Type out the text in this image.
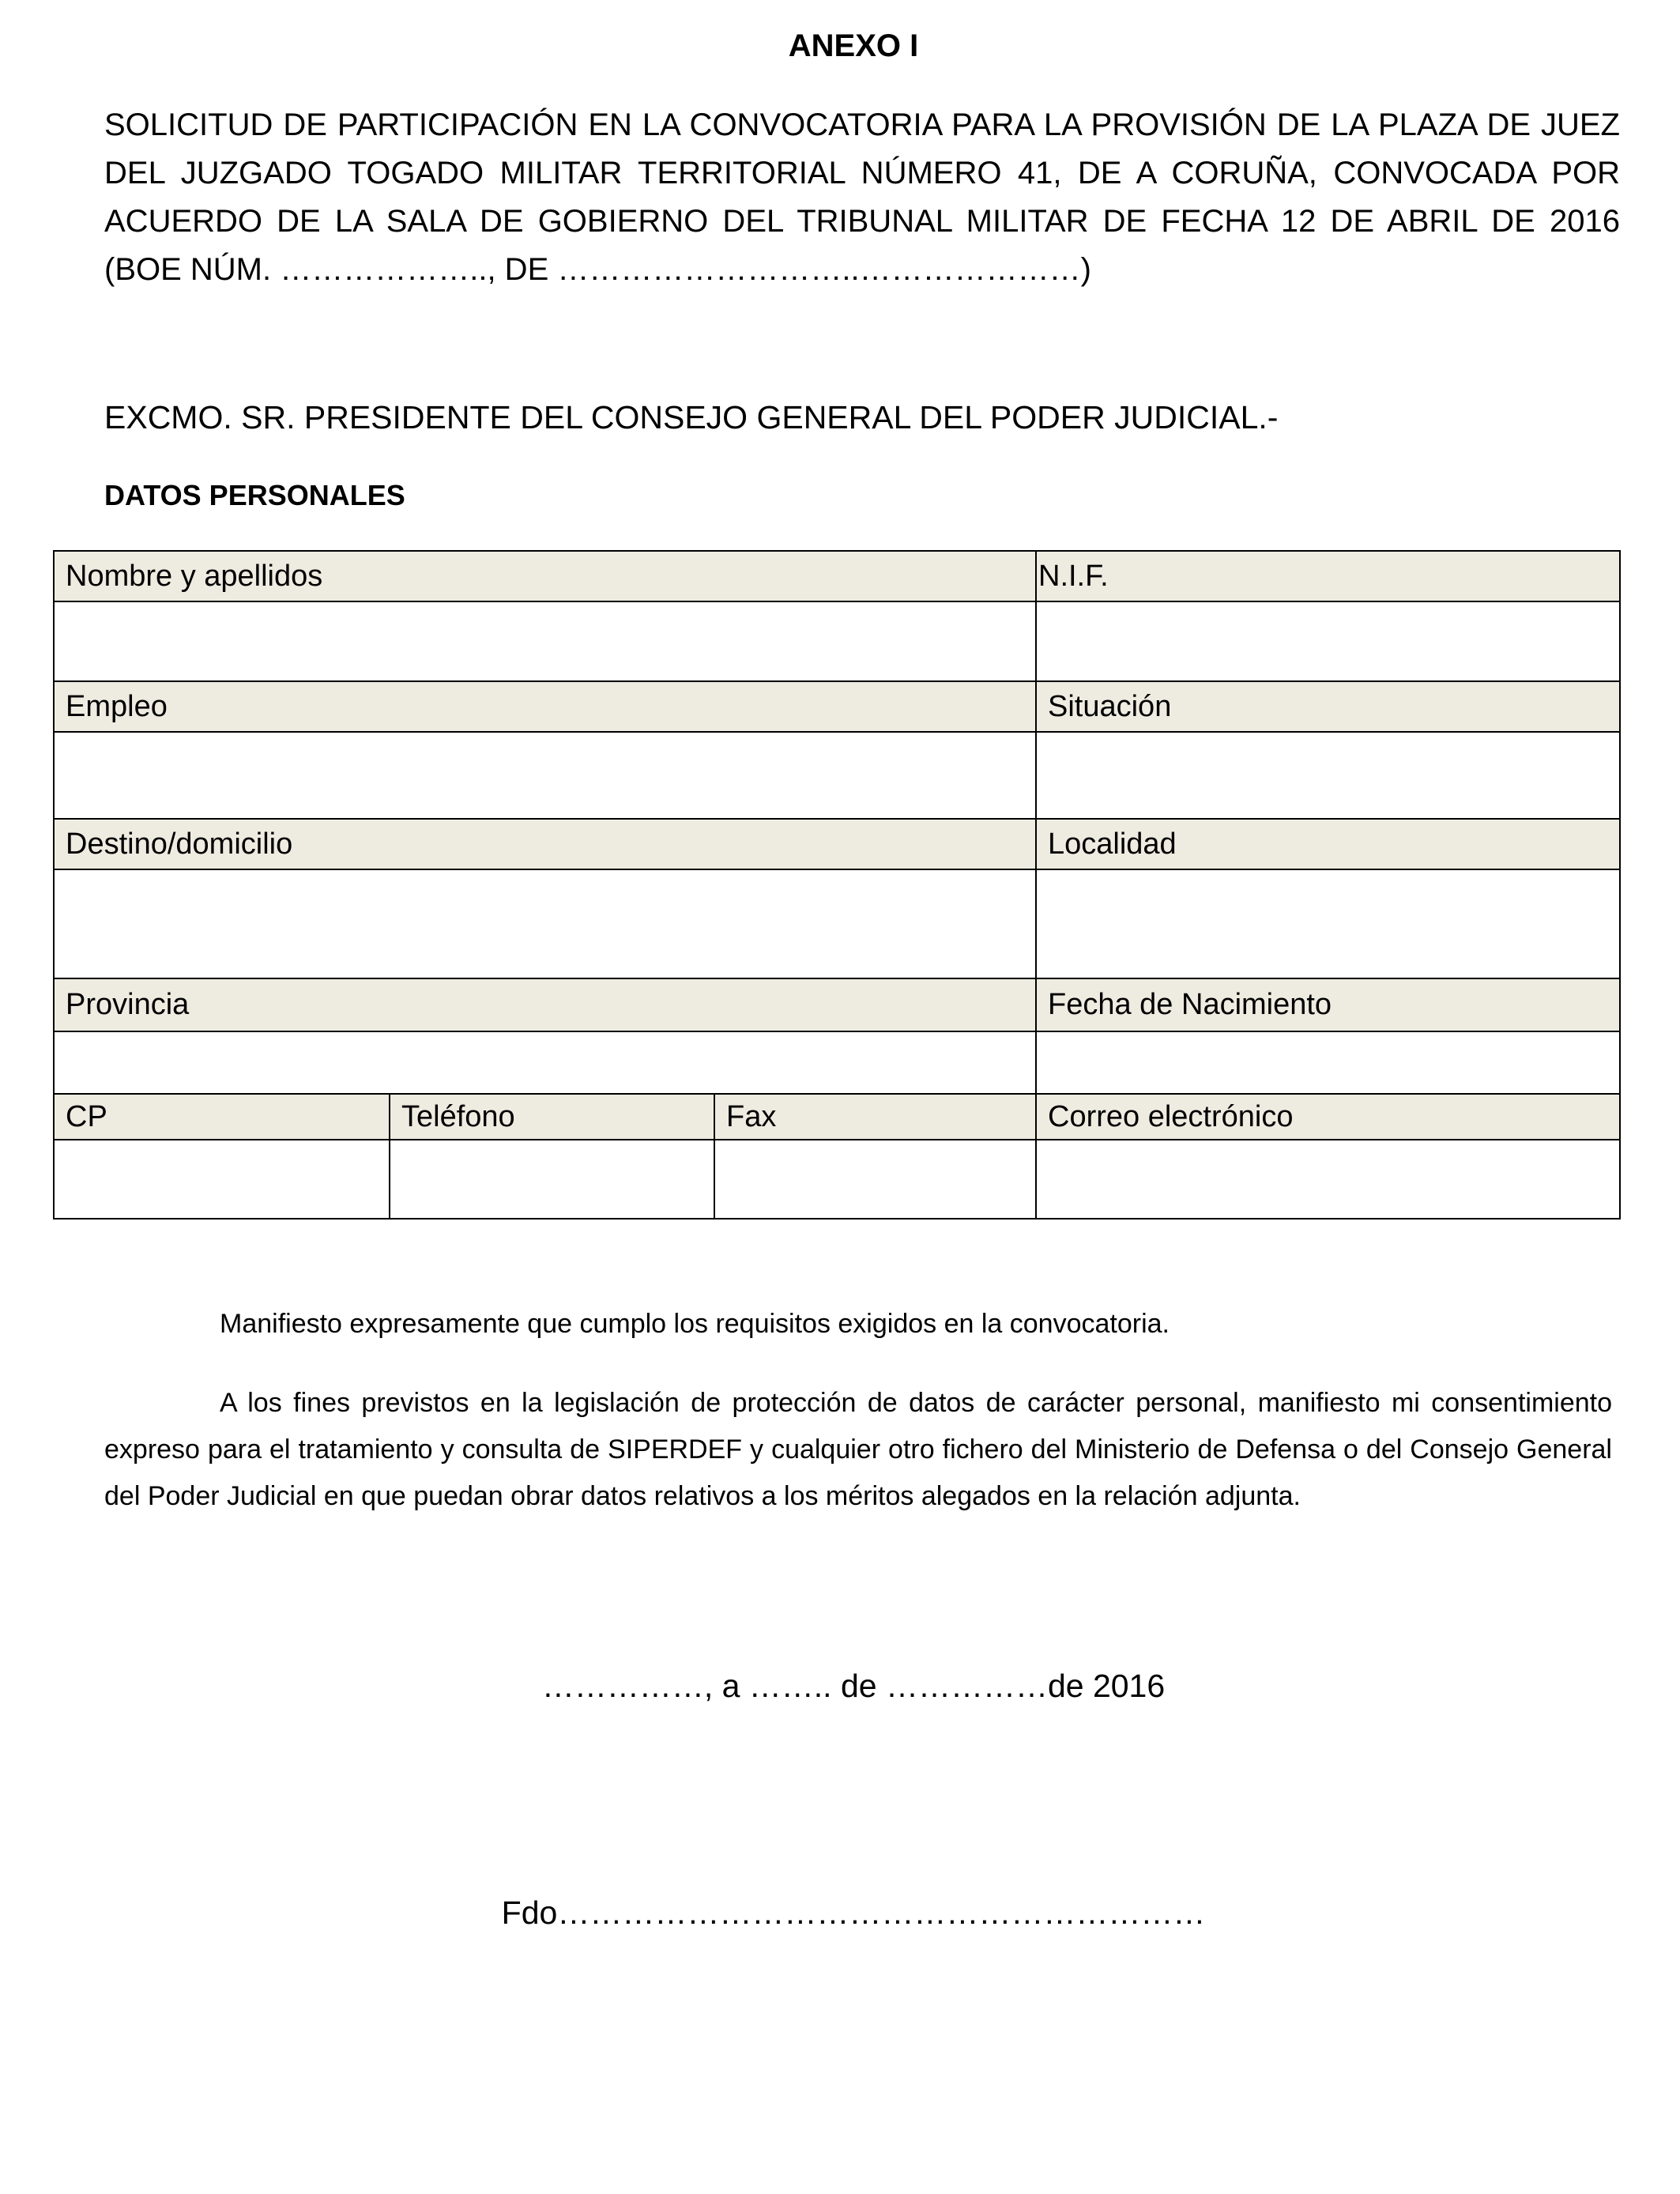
ANEXO I
SOLICITUD DE PARTICIPACIÓN EN LA CONVOCATORIA PARA LA PROVISIÓN DE LA PLAZA DE JUEZ DEL JUZGADO TOGADO MILITAR TERRITORIAL NÚMERO 41, DE A CORUÑA, CONVOCADA POR ACUERDO DE LA SALA DE GOBIERNO DEL TRIBUNAL MILITAR DE FECHA 12 DE ABRIL DE 2016 (BOE NÚM. ……………….., DE ………………………..…………………)
EXCMO. SR. PRESIDENTE DEL CONSEJO GENERAL DEL PODER JUDICIAL.-
DATOS PERSONALES
Nombre y apellidos			N.I.F.

Empleo			Situación

Destino/domicilio			Localidad

Provincia			Fecha de Nacimiento

CP	Teléfono	Fax	Correo electrónico

Manifiesto expresamente que cumplo los requisitos exigidos en la convocatoria.

A los fines previstos en la legislación de protección de datos de carácter personal, manifiesto mi consentimiento expreso para el tratamiento y consulta de SIPERDEF y cualquier otro fichero del Ministerio de Defensa o del Consejo General del Poder Judicial en que puedan obrar datos relativos a los méritos alegados en la relación adjunta.

……………, a …….. de ……………de 2016
Fdo……………………………………………………
